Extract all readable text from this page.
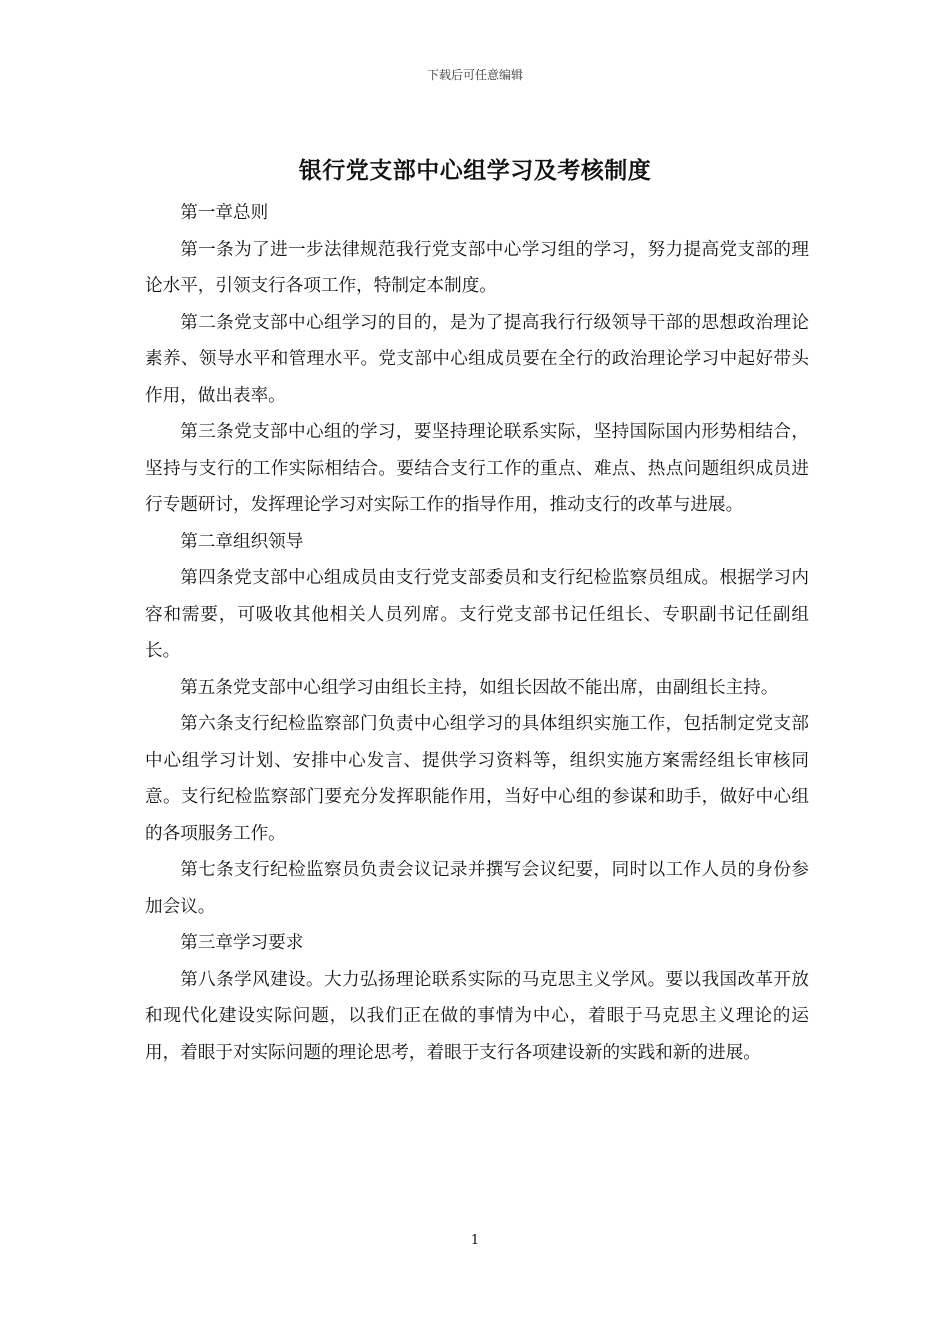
下载后可任意编辑
银行党支部中心组学习及考核制度

第一章总则

第一条为了进一步法律规范我行党支部中心学习组的学习，努力提高党支部的理论水平，引领支行各项工作，特制定本制度。

第二条党支部中心组学习的目的，是为了提高我行行级领导干部的思想政治理论素养、领导水平和管理水平。党支部中心组成员要在全行的政治理论学习中起好带头作用，做出表率。

第三条党支部中心组的学习，要坚持理论联系实际，坚持国际国内形势相结合，坚持与支行的工作实际相结合。要结合支行工作的重点、难点、热点问题组织成员进行专题研讨，发挥理论学习对实际工作的指导作用，推动支行的改革与进展。

第二章组织领导

第四条党支部中心组成员由支行党支部委员和支行纪检监察员组成。根据学习内容和需要，可吸收其他相关人员列席。支行党支部书记任组长、专职副书记任副组长。

第五条党支部中心组学习由组长主持，如组长因故不能出席，由副组长主持。

第六条支行纪检监察部门负责中心组学习的具体组织实施工作，包括制定党支部中心组学习计划、安排中心发言、提供学习资料等，组织实施方案需经组长审核同意。支行纪检监察部门要充分发挥职能作用，当好中心组的参谋和助手，做好中心组的各项服务工作。

第七条支行纪检监察员负责会议记录并撰写会议纪要，同时以工作人员的身份参加会议。

第三章学习要求

第八条学风建设。大力弘扬理论联系实际的马克思主义学风。要以我国改革开放和现代化建设实际问题，以我们正在做的事情为中心，着眼于马克思主义理论的运用，着眼于对实际问题的理论思考，着眼于支行各项建设新的实践和新的进展。

1
